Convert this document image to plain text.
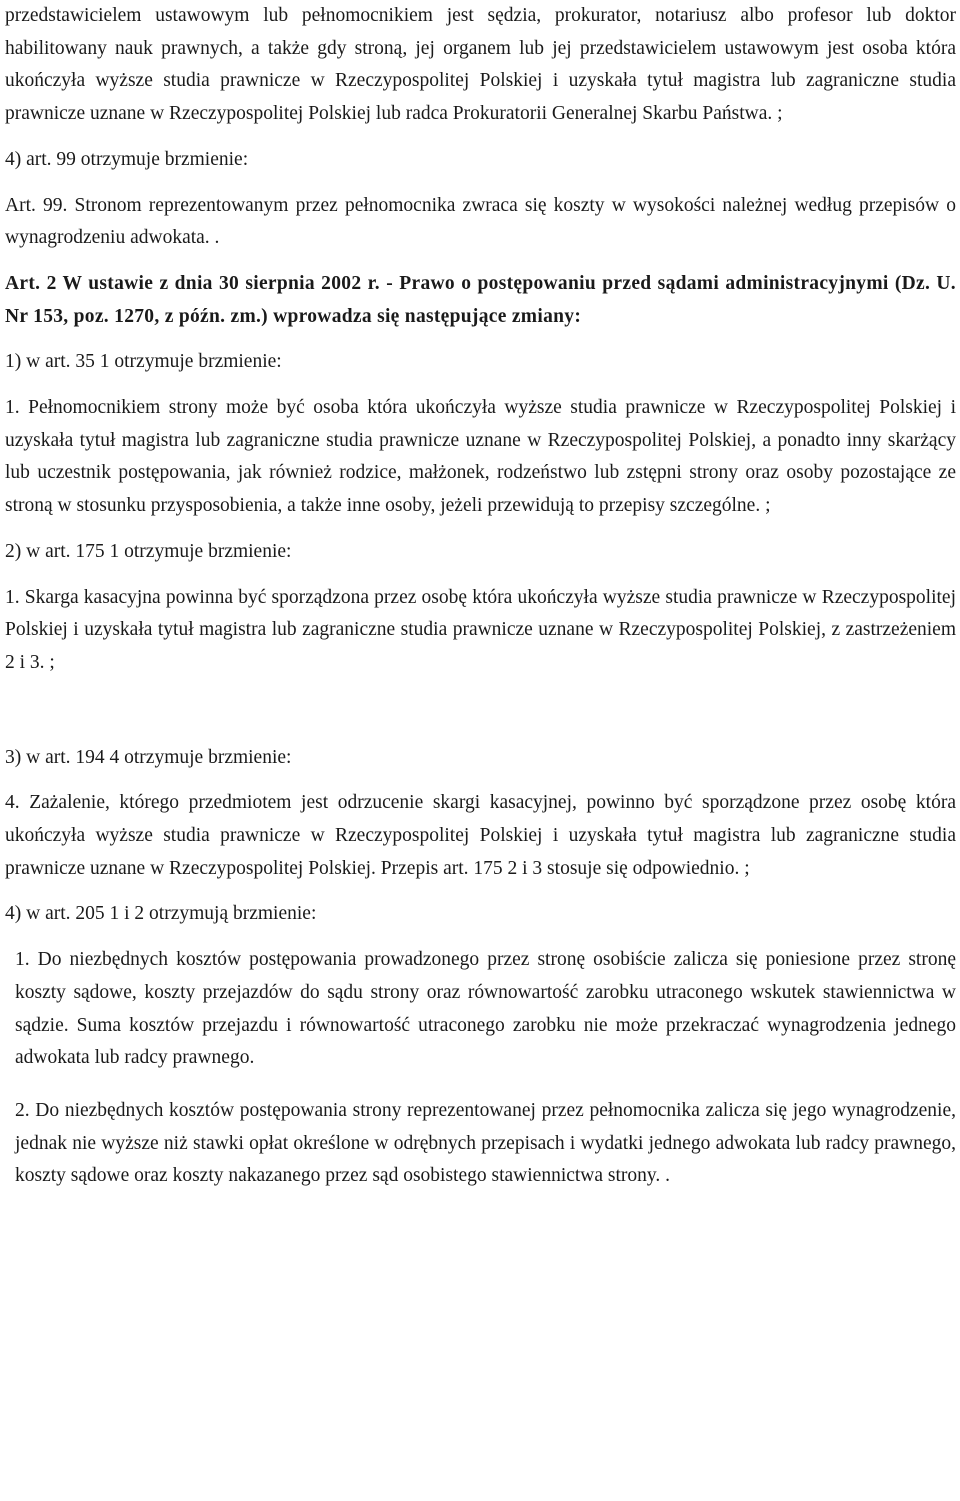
przedstawicielem ustawowym lub pełnomocnikiem jest sędzia, prokurator, notariusz albo profesor lub doktor habilitowany nauk prawnych, a także gdy stroną, jej organem lub jej przedstawicielem ustawowym jest osoba która ukończyła wyższe studia prawnicze w Rzeczypospolitej Polskiej i uzyskała tytuł magistra lub zagraniczne studia prawnicze uznane w Rzeczypospolitej Polskiej lub radca Prokuratorii Generalnej Skarbu Państwa. ;

4) art. 99 otrzymuje brzmienie:

Art. 99. Stronom reprezentowanym przez pełnomocnika zwraca się koszty w wysokości należnej według przepisów o wynagrodzeniu adwokata. .

Art. 2 W ustawie z dnia 30 sierpnia 2002 r. - Prawo o postępowaniu przed sądami administracyjnymi (Dz. U. Nr 153, poz. 1270, z późn. zm.) wprowadza się następujące zmiany:

1) w art. 35 1 otrzymuje brzmienie:

1. Pełnomocnikiem strony może być osoba która ukończyła wyższe studia prawnicze w Rzeczypospolitej Polskiej i uzyskała tytuł magistra lub zagraniczne studia prawnicze uznane w Rzeczypospolitej Polskiej, a ponadto inny skarżący lub uczestnik postępowania, jak również rodzice, małżonek, rodzeństwo lub zstępni strony oraz osoby pozostające ze stroną w stosunku przysposobienia, a także inne osoby, jeżeli przewidują to przepisy szczególne. ;

2) w art. 175 1 otrzymuje brzmienie:

1. Skarga kasacyjna powinna być sporządzona przez osobę która ukończyła wyższe studia prawnicze w Rzeczypospolitej Polskiej i uzyskała tytuł magistra lub zagraniczne studia prawnicze uznane w Rzeczypospolitej Polskiej, z zastrzeżeniem 2 i 3. ;

3) w art. 194 4 otrzymuje brzmienie:

4. Zażalenie, którego przedmiotem jest odrzucenie skargi kasacyjnej, powinno być sporządzone przez osobę która ukończyła wyższe studia prawnicze w Rzeczypospolitej Polskiej i uzyskała tytuł magistra lub zagraniczne studia prawnicze uznane w Rzeczypospolitej Polskiej. Przepis art. 175 2 i 3 stosuje się odpowiednio. ;

4) w art. 205 1 i 2 otrzymują brzmienie:

1. Do niezbędnych kosztów postępowania prowadzonego przez stronę osobiście zalicza się poniesione przez stronę koszty sądowe, koszty przejazdów do sądu strony oraz równowartość zarobku utraconego wskutek stawiennictwa w sądzie. Suma kosztów przejazdu i równowartość utraconego zarobku nie może przekraczać wynagrodzenia jednego adwokata lub radcy prawnego.

2. Do niezbędnych kosztów postępowania strony reprezentowanej przez pełnomocnika zalicza się jego wynagrodzenie, jednak nie wyższe niż stawki opłat określone w odrębnych przepisach i wydatki jednego adwokata lub radcy prawnego, koszty sądowe oraz koszty nakazanego przez sąd osobistego stawiennictwa strony. .
